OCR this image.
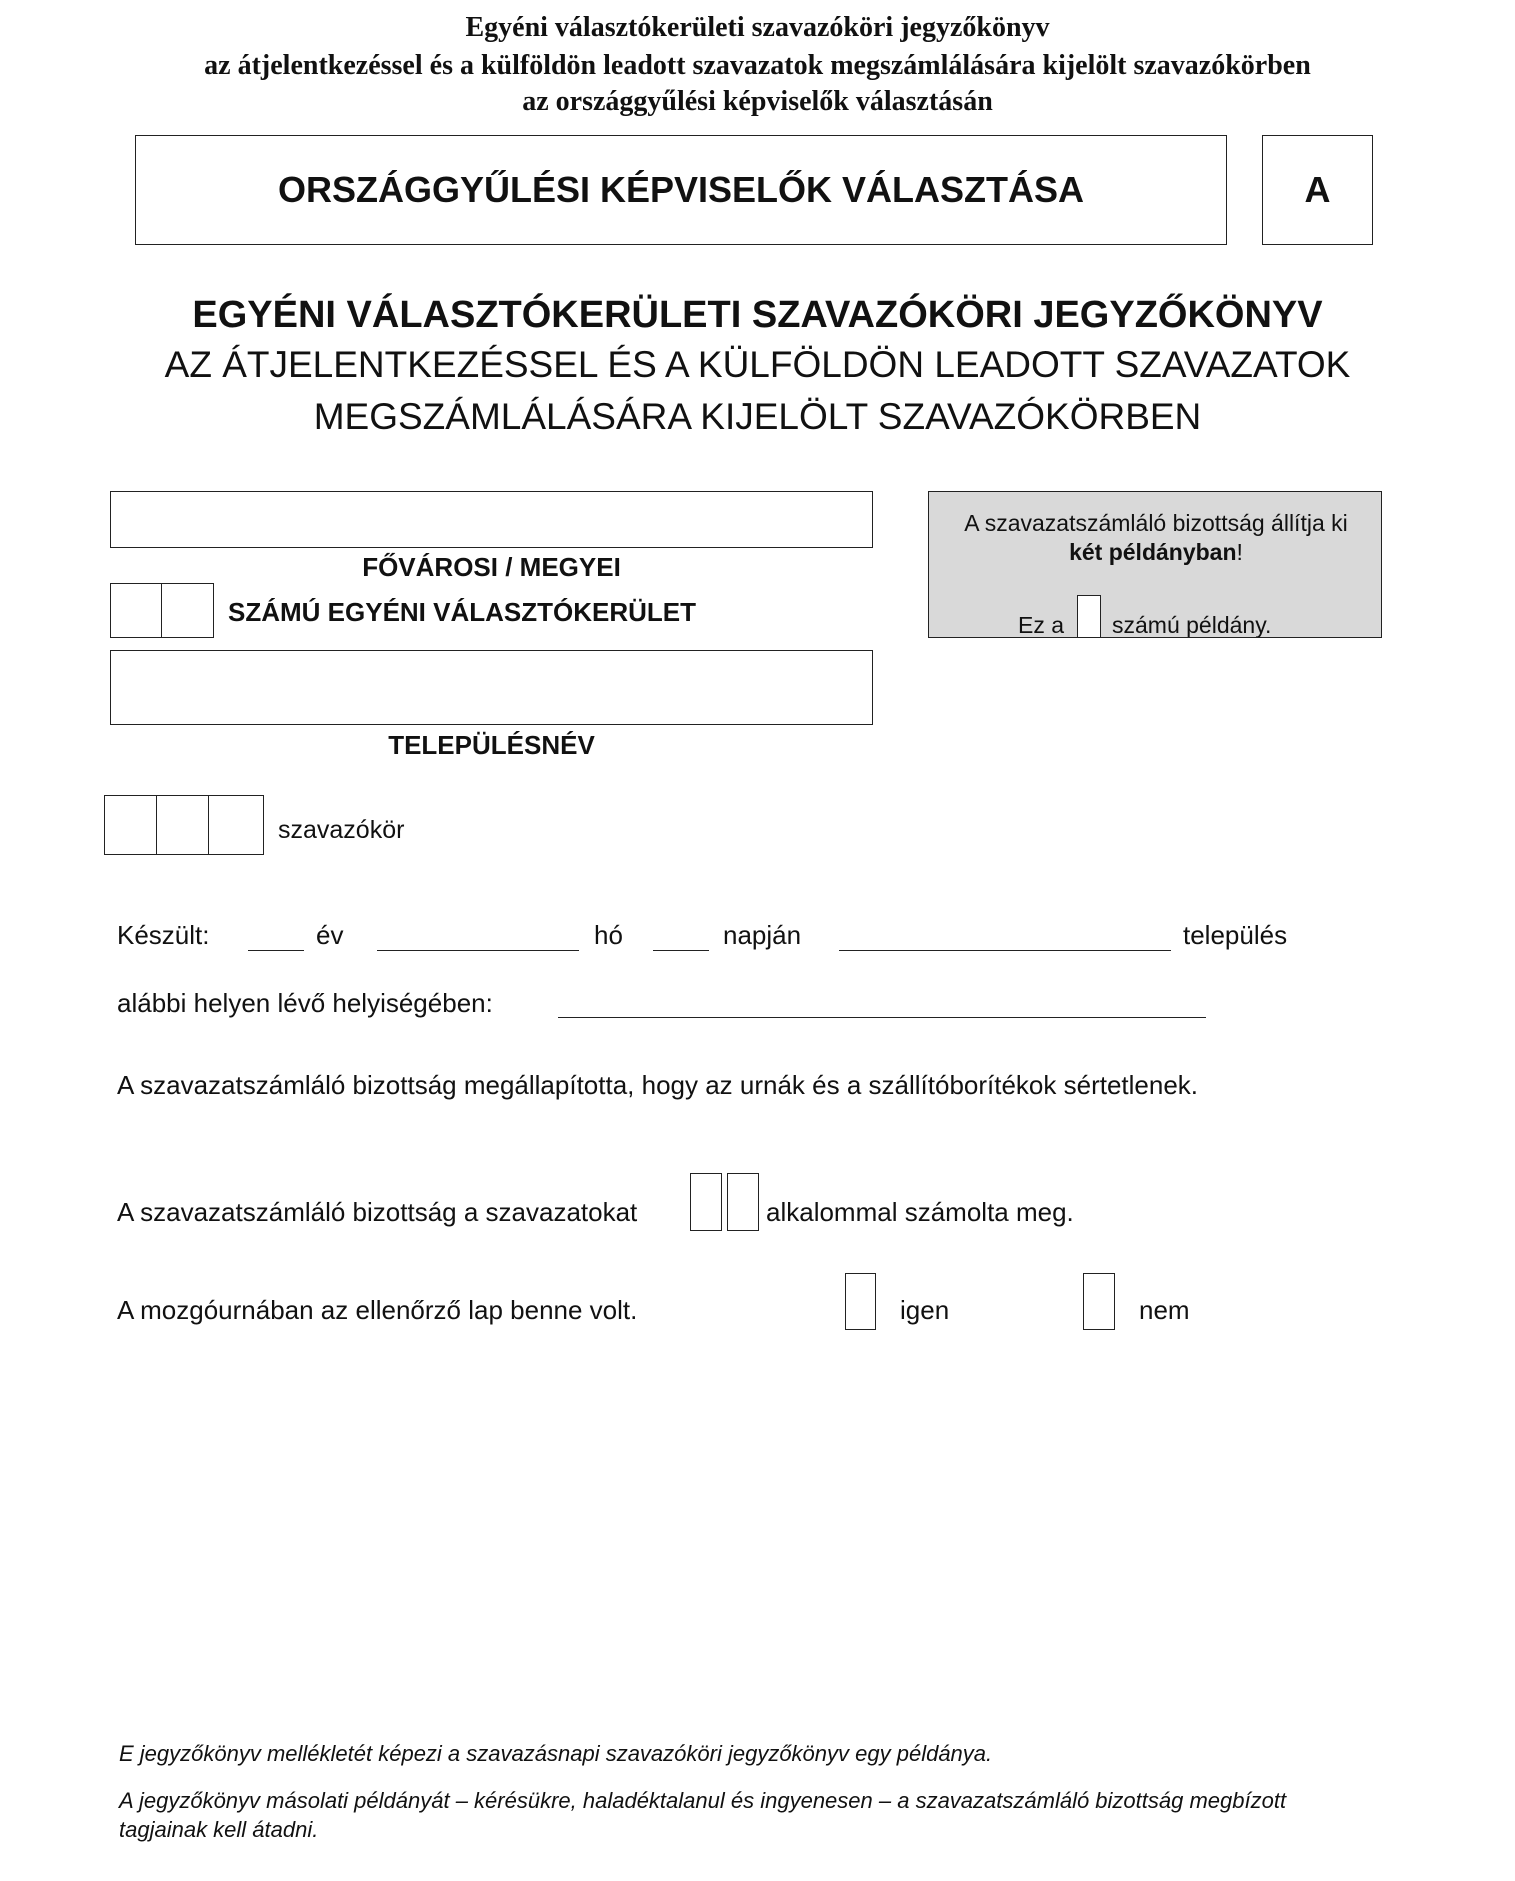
Egyéni választókerületi szavazóköri jegyzőkönyv
az átjelentkezéssel és a külföldön leadott szavazatok megszámlálására kijelölt szavazókörben
az országgyűlési képviselők választásán
ORSZÁGGYŰLÉSI KÉPVISELŐK VÁLASZTÁSA	A
EGYÉNI VÁLASZTÓKERÜLETI SZAVAZÓKÖRI JEGYZŐKÖNYV
AZ ÁTJELENTKEZÉSSEL ÉS A KÜLFÖLDÖN LEADOTT SZAVAZATOK
MEGSZÁMLÁLÁSÁRA KIJELÖLT SZAVAZÓKÖRBEN
FŐVÁROSI / MEGYEI
SZÁMÚ EGYÉNI VÁLASZTÓKERÜLET
TELEPÜLÉSNÉV
szavazókör
A szavazatszámláló bizottság állítja ki
két példányban!
Ez a számú példány.
Készült:	év	hó	napján	település
alábbi helyen lévő helyiségében:
A szavazatszámláló bizottság megállapította, hogy az urnák és a szállítóborítékok sértetlenek.
A szavazatszámláló bizottság a szavazatokat	alkalommal számolta meg.
A mozgóurnában az ellenőrző lap benne volt.	igen	nem
E jegyzőkönyv mellékletét képezi a szavazásnapi szavazóköri jegyzőkönyv egy példánya.
A jegyzőkönyv másolati példányát – kérésükre, haladéktalanul és ingyenesen – a szavazatszámláló bizottság megbízott
tagjainak kell átadni.
